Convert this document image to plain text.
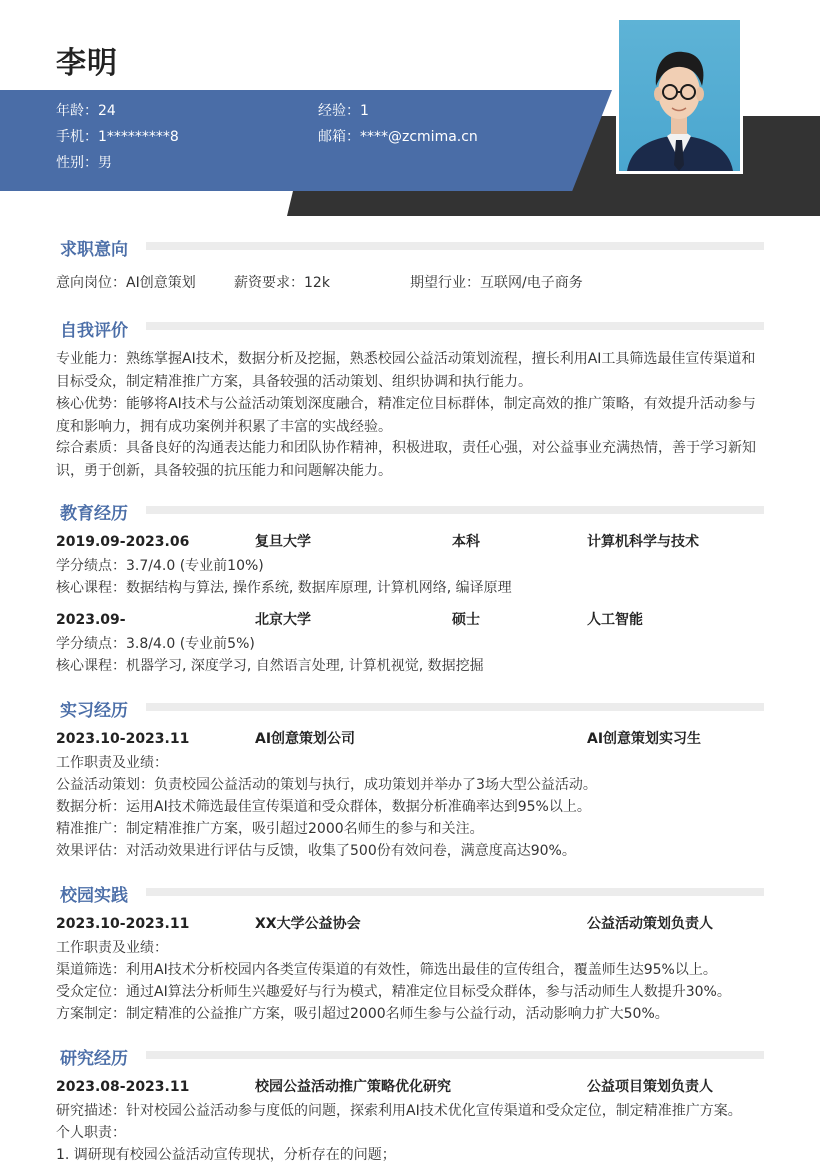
李明
年龄：24	经验：1
手机：1*********8	邮箱：****@zcmima.cn
性别：男
求职意向
意向岗位：AI创意策划	薪资要求：12k	期望行业：互联网/电子商务
自我评价
专业能力：熟练掌握AI技术，数据分析及挖掘，熟悉校园公益活动策划流程，擅长利用AI工具筛选最佳宣传渠道和目标受众，制定精准推广方案，具备较强的活动策划、组织协调和执行能力。
核心优势：能够将AI技术与公益活动策划深度融合，精准定位目标群体，制定高效的推广策略，有效提升活动参与度和影响力，拥有成功案例并积累了丰富的实战经验。
综合素质：具备良好的沟通表达能力和团队协作精神，积极进取，责任心强，对公益事业充满热情，善于学习新知识，勇于创新，具备较强的抗压能力和问题解决能力。
教育经历
2019.09-2023.06	复旦大学	本科	计算机科学与技术
学分绩点：3.7/4.0 (专业前10%)
核心课程：数据结构与算法, 操作系统, 数据库原理, 计算机网络, 编译原理
2023.09-	北京大学	硕士	人工智能
学分绩点：3.8/4.0 (专业前5%)
核心课程：机器学习, 深度学习, 自然语言处理, 计算机视觉, 数据挖掘
实习经历
2023.10-2023.11	AI创意策划公司	AI创意策划实习生
工作职责及业绩：
公益活动策划：负责校园公益活动的策划与执行，成功策划并举办了3场大型公益活动。
数据分析：运用AI技术筛选最佳宣传渠道和受众群体，数据分析准确率达到95%以上。
精准推广：制定精准推广方案，吸引超过2000名师生的参与和关注。
效果评估：对活动效果进行评估与反馈，收集了500份有效问卷，满意度高达90%。
校园实践
2023.10-2023.11	XX大学公益协会	公益活动策划负责人
工作职责及业绩：
渠道筛选：利用AI技术分析校园内各类宣传渠道的有效性，筛选出最佳的宣传组合，覆盖师生达95%以上。
受众定位：通过AI算法分析师生兴趣爱好与行为模式，精准定位目标受众群体，参与活动师生人数提升30%。
方案制定：制定精准的公益推广方案，吸引超过2000名师生参与公益行动，活动影响力扩大50%。
研究经历
2023.08-2023.11	校园公益活动推广策略优化研究	公益项目策划负责人
研究描述：针对校园公益活动参与度低的问题，探索利用AI技术优化宣传渠道和受众定位，制定精准推广方案。
个人职责：
1. 调研现有校园公益活动宣传现状，分析存在的问题；
